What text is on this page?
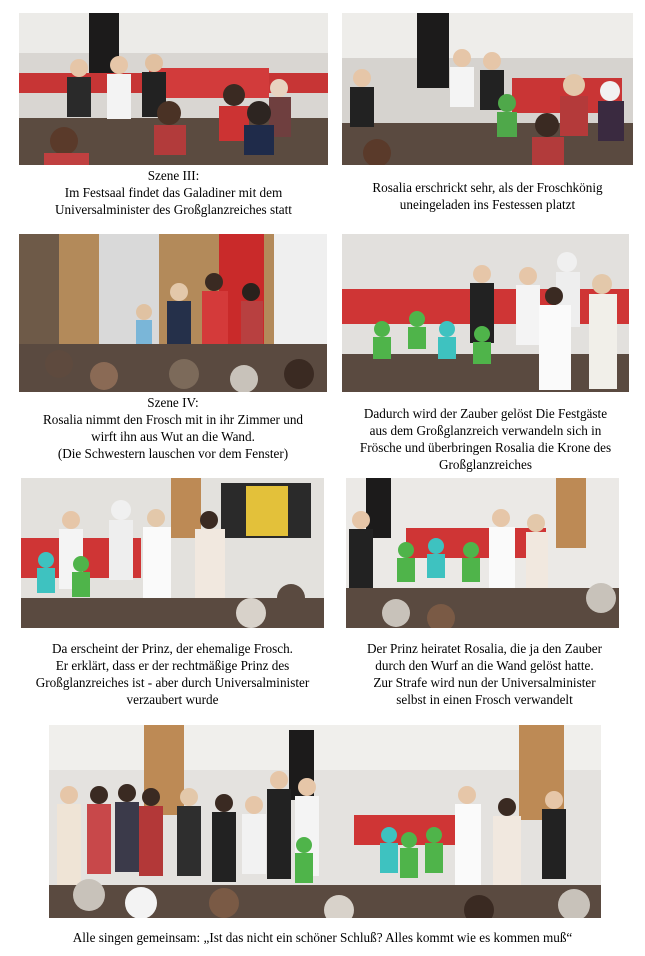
Szene III:
Im Festsaal findet das Galadiner mit dem
Universalminister des Großglanzreiches statt
Rosalia erschrickt sehr, als der Froschkönig
uneingeladen ins Festessen platzt
Szene IV:
Rosalia nimmt den Frosch mit in ihr Zimmer und
wirft ihn aus Wut an die Wand.
(Die Schwestern lauschen vor dem Fenster)
Dadurch wird der Zauber gelöst Die Festgäste
aus dem Großglanzreich verwandeln sich in
Frösche und überbringen Rosalia die Krone des
Großglanzreiches
Da erscheint der Prinz, der ehemalige Frosch.
Er erklärt, dass er der rechtmäßige Prinz des
Großglanzreiches ist - aber durch Universalminister
verzaubert wurde
Der Prinz heiratet Rosalia, die ja den Zauber
durch den Wurf an die Wand gelöst hatte.
Zur Strafe wird nun der Universalminister
selbst in einen Frosch verwandelt
Alle singen gemeinsam: „Ist das nicht ein schöner Schluß? Alles kommt wie es kommen muß“
